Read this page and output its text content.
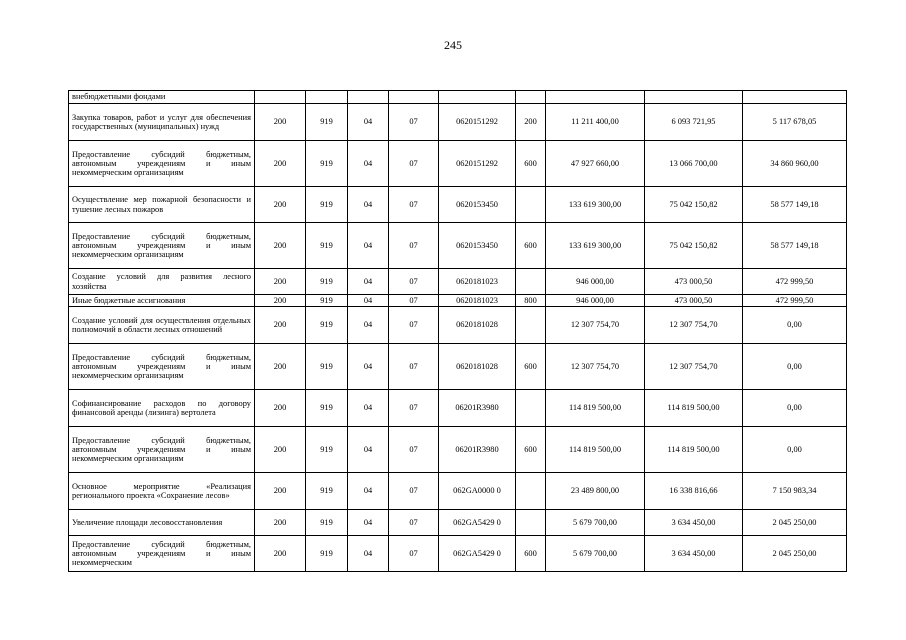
245
внебюджетными фондами									
Закупка товаров, работ и услуг для обеспечения государственных (муниципальных) нужд	200	919	04	07	0620151292	200	11 211 400,00	6 093 721,95	5 117 678,05
Предоставление субсидий бюджетным, автономным учреждениям и иным некоммерческим организациям	200	919	04	07	0620151292	600	47 927 660,00	13 066 700,00	34 860 960,00
Осуществление мер пожарной безопасности и тушение лесных пожаров	200	919	04	07	0620153450		133 619 300,00	75 042 150,82	58 577 149,18
Предоставление субсидий бюджетным, автономным учреждениям и иным некоммерческим организациям	200	919	04	07	0620153450	600	133 619 300,00	75 042 150,82	58 577 149,18
Создание условий для развития лесного хозяйства	200	919	04	07	0620181023		946 000,00	473 000,50	472 999,50
Иные бюджетные ассигнования	200	919	04	07	0620181023	800	946 000,00	473 000,50	472 999,50
Создание условий для осуществления отдельных полномочий в области лесных отношений	200	919	04	07	0620181028		12 307 754,70	12 307 754,70	0,00
Предоставление субсидий бюджетным, автономным учреждениям и иным некоммерческим организациям	200	919	04	07	0620181028	600	12 307 754,70	12 307 754,70	0,00
Софинансирование расходов по договору финансовой аренды (лизинга) вертолета	200	919	04	07	06201R3980		114 819 500,00	114 819 500,00	0,00
Предоставление субсидий бюджетным, автономным учреждениям и иным некоммерческим организациям	200	919	04	07	06201R3980	600	114 819 500,00	114 819 500,00	0,00
Основное мероприятие «Реализация регионального проекта «Сохранение лесов»	200	919	04	07	062GA0000 0		23 489 800,00	16 338 816,66	7 150 983,34
Увеличение площади лесовосстановления	200	919	04	07	062GA5429 0		5 679 700,00	3 634 450,00	2 045 250,00
Предоставление субсидий бюджетным, автономным учреждениям и иным некоммерческим	200	919	04	07	062GA5429 0	600	5 679 700,00	3 634 450,00	2 045 250,00
